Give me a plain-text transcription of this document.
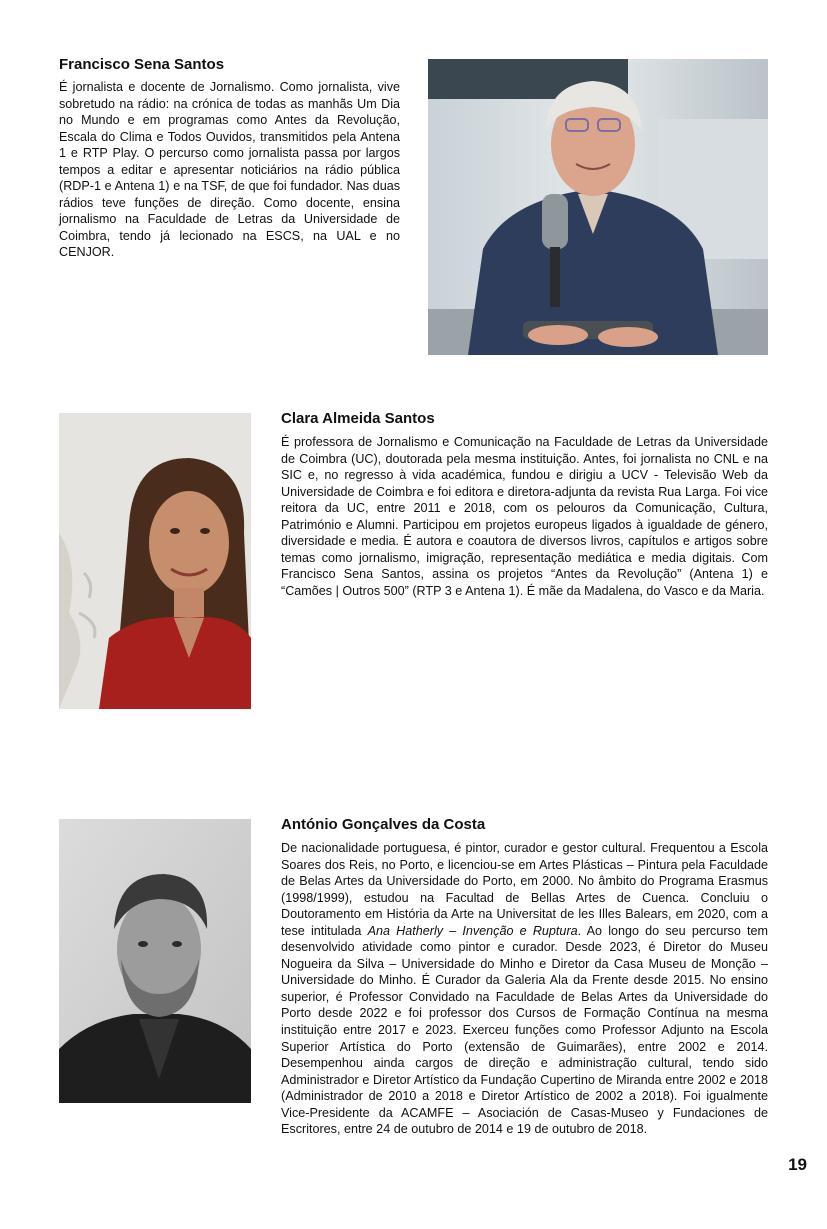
Francisco Sena Santos
É jornalista e docente de Jornalismo. Como jornalista, vive sobretudo na rádio: na crónica de todas as manhãs Um Dia no Mundo e em programas como Antes da Revolução, Escala do Clima e Todos Ouvidos, transmitidos pela Antena 1 e RTP Play. O percurso como jornalista passa por largos tempos a editar e apresentar noticiários na rádio pública (RDP-1 e Antena 1) e na TSF, de que foi fundador. Nas duas rádios teve funções de direção. Como docente, ensina jornalismo na Faculdade de Letras da Universidade de Coimbra, tendo já lecionado na ESCS, na UAL e no CENJOR.
Clara Almeida Santos
É professora de Jornalismo e Comunicação na Faculdade de Letras da Universidade de Coimbra (UC), doutorada pela mesma instituição. Antes, foi jornalista no CNL e na SIC e, no regresso à vida académica, fundou e dirigiu a UCV - Televisão Web da Universidade de Coimbra e foi editora e diretora-adjunta da revista Rua Larga. Foi vice reitora da UC, entre 2011 e 2018, com os pelouros da Comunicação, Cultura, Património e Alumni. Participou em projetos europeus ligados à igualdade de género, diversidade e media. É autora e coautora de diversos livros, capítulos e artigos sobre temas como jornalismo, imigração, representação mediática e media digitais. Com Francisco Sena Santos, assina os projetos “Antes da Revolução” (Antena 1) e “Camões | Outros 500” (RTP 3 e Antena 1). É mãe da Madalena, do Vasco e da Maria.
António Gonçalves da Costa
De nacionalidade portuguesa, é pintor, curador e gestor cultural. Frequentou a Escola Soares dos Reis, no Porto, e licenciou-se em Artes Plásticas – Pintura pela Faculdade de Belas Artes da Universidade do Porto, em 2000. No âmbito do Programa Erasmus (1998/1999), estudou na Facultad de Bellas Artes de Cuenca. Concluiu o Doutoramento em História da Arte na Universitat de les Illes Balears, em 2020, com a tese intitulada Ana Hatherly – Invenção e Ruptura. Ao longo do seu percurso tem desenvolvido atividade como pintor e curador. Desde 2023, é Diretor do Museu Nogueira da Silva – Universidade do Minho e Diretor da Casa Museu de Monção – Universidade do Minho. É Curador da Galeria Ala da Frente desde 2015. No ensino superior, é Professor Convidado na Faculdade de Belas Artes da Universidade do Porto desde 2022 e foi professor dos Cursos de Formação Contínua na mesma instituição entre 2017 e 2023. Exerceu funções como Professor Adjunto na Escola Superior Artística do Porto (extensão de Guimarães), entre 2002 e 2014. Desempenhou ainda cargos de direção e administração cultural, tendo sido Administrador e Diretor Artístico da Fundação Cupertino de Miranda entre 2002 e 2018 (Administrador de 2010 a 2018 e Diretor Artístico de 2002 a 2018). Foi igualmente Vice-Presidente da ACAMFE – Asociación de Casas-Museo y Fundaciones de Escritores, entre 24 de outubro de 2014 e 19 de outubro de 2018.
19
